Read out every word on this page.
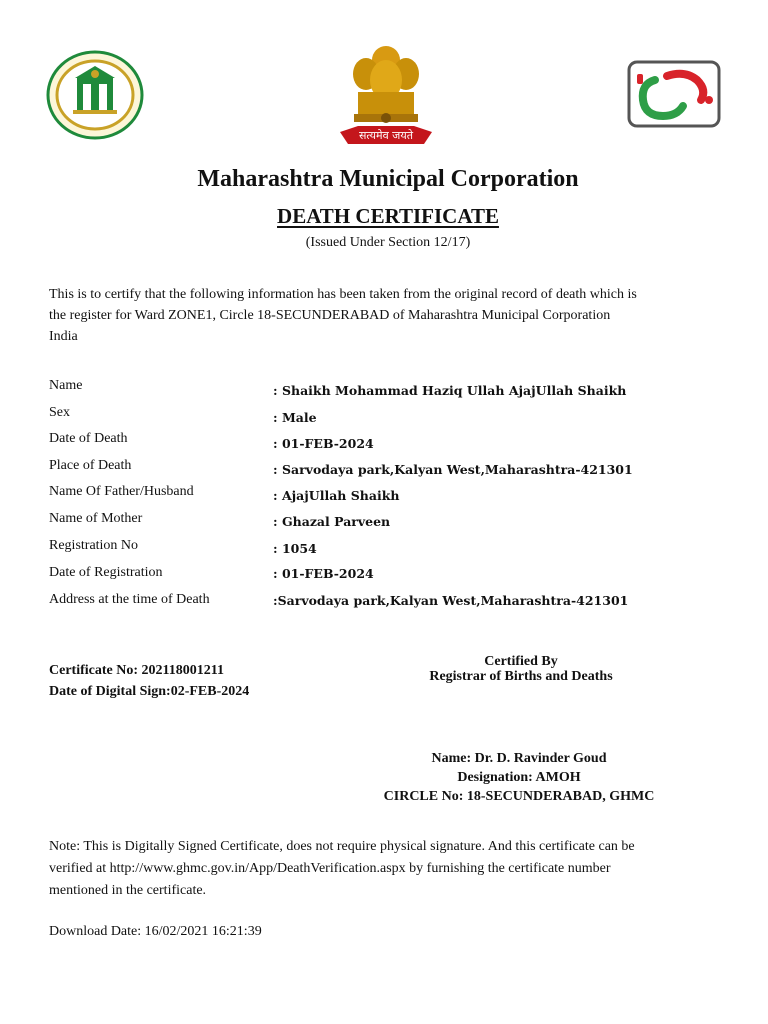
सत्यमेव जयते
Maharashtra Municipal Corporation
DEATH CERTIFICATE
(Issued Under Section 12/17)
This is to certify that the following information has been taken from the original record of death which is
the register for Ward ZONE1, Circle 18-SECUNDERABAD of Maharashtra Municipal Corporation
India
Name	: Shaikh Mohammad Haziq Ullah AjajUllah Shaikh
Sex	: Male
Date of Death	: 01-FEB-2024
Place of Death	: Sarvodaya park,Kalyan West,Maharashtra-421301
Name Of Father/Husband	: AjajUllah Shaikh
Name of Mother	: Ghazal Parveen
Registration No	: 1054
Date of Registration	: 01-FEB-2024
Address at the time of Death	:Sarvodaya park,Kalyan West,Maharashtra-421301
Certificate No: 202118001211
Date of Digital Sign:02-FEB-2024
Certified By
Registrar of Births and Deaths
Name: Dr. D. Ravinder Goud
Designation: AMOH
CIRCLE No: 18-SECUNDERABAD, GHMC
Note: This is Digitally Signed Certificate, does not require physical signature. And this certificate can be
verified at http://www.ghmc.gov.in/App/DeathVerification.aspx by furnishing the certificate number
mentioned in the certificate.
Download Date: 16/02/2021 16:21:39
